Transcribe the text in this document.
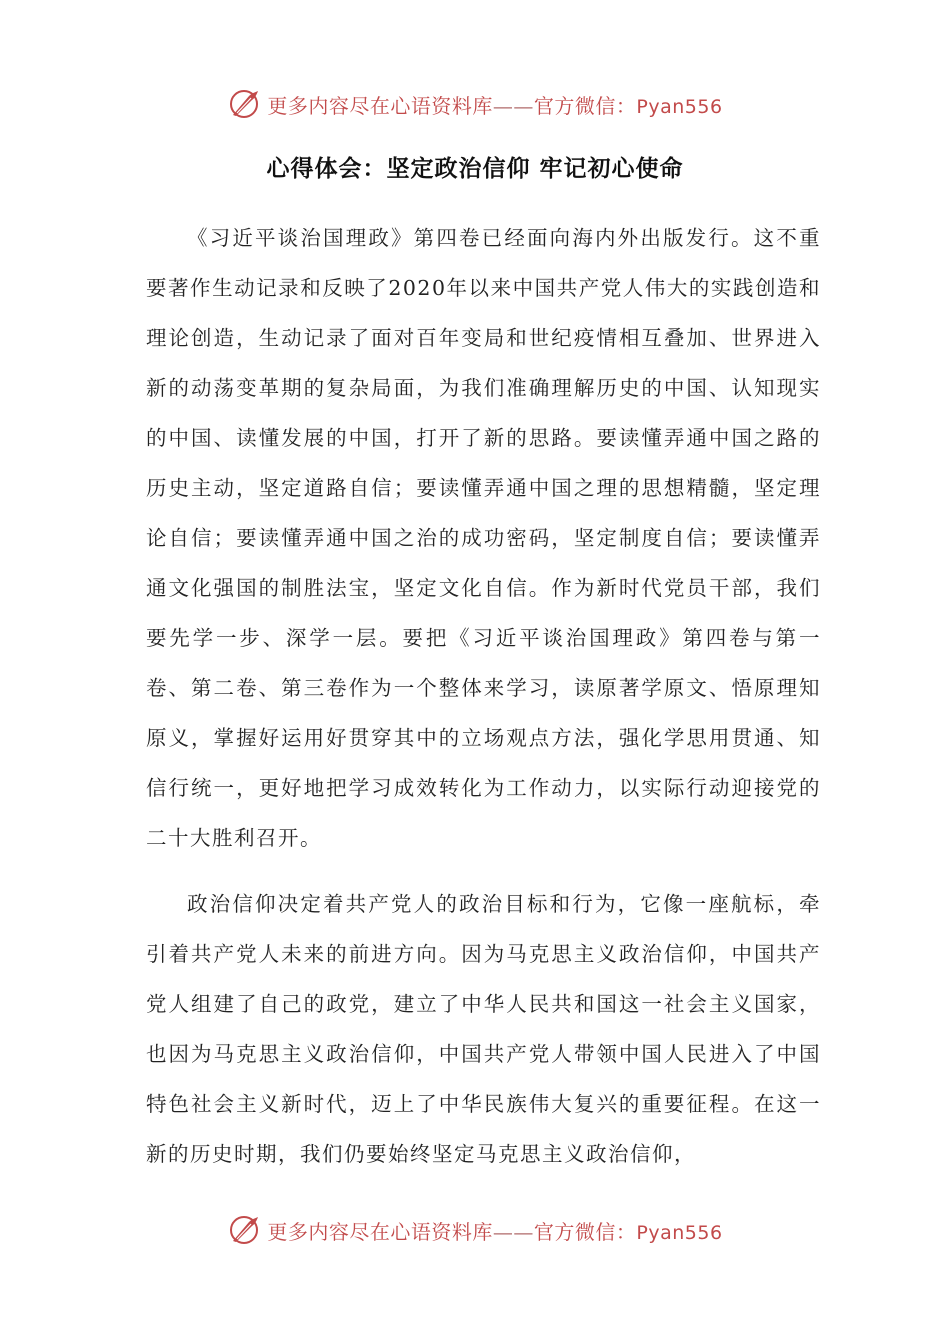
更多内容尽在心语资料库——官方微信：Pyan556
心得体会：坚定政治信仰 牢记初心使命

《习近平谈治国理政》第四卷已经面向海内外出版发行。这不重要著作生动记录和反映了2020年以来中国共产党人伟大的实践创造和理论创造，生动记录了面对百年变局和世纪疫情相互叠加、世界进入新的动荡变革期的复杂局面，为我们准确理解历史的中国、认知现实的中国、读懂发展的中国，打开了新的思路。要读懂弄通中国之路的历史主动，坚定道路自信；要读懂弄通中国之理的思想精髓，坚定理论自信；要读懂弄通中国之治的成功密码，坚定制度自信；要读懂弄通文化强国的制胜法宝，坚定文化自信。作为新时代党员干部，我们要先学一步、深学一层。要把《习近平谈治国理政》第四卷与第一卷、第二卷、第三卷作为一个整体来学习，读原著学原文、悟原理知原义，掌握好运用好贯穿其中的立场观点方法，强化学思用贯通、知信行统一，更好地把学习成效转化为工作动力，以实际行动迎接党的二十大胜利召开。

政治信仰决定着共产党人的政治目标和行为，它像一座航标，牵引着共产党人未来的前进方向。因为马克思主义政治信仰，中国共产党人组建了自己的政党，建立了中华人民共和国这一社会主义国家，也因为马克思主义政治信仰，中国共产党人带领中国人民进入了中国特色社会主义新时代，迈上了中华民族伟大复兴的重要征程。在这一新的历史时期，我们仍要始终坚定马克思主义政治信仰，

更多内容尽在心语资料库——官方微信：Pyan556
